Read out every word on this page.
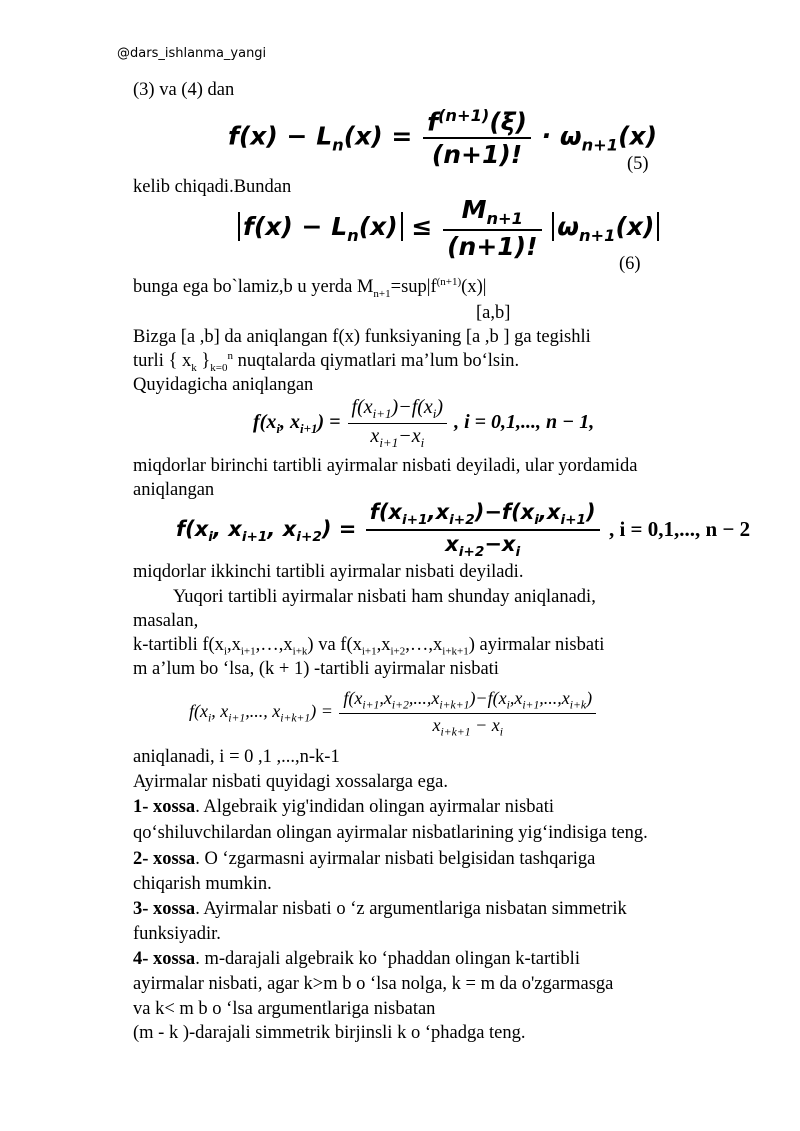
@dars_ishlanma_yangi
(3) va (4) dan
$f(x) - L_n(x) = \frac{f^{(n+1)}(\xi)}{(n+1)!} \cdot \omega_{n+1}(x)$
(5)
kelib chiqadi.Bundan
$f(x) - L_n(x) \le \frac{M_{n+1}}{(n+1)!} \omega_{n+1}(x)$
(6)
bunga ega bo`lamiz,b u yerda $M_{n+1}=sup|f^{(n+1)}(x)|$
[a,b]
Bizga [a ,b] da aniqlangan f(x) funksiyaning [a ,b ] ga tegishli
turli { $x_k$ }$_{k=0}^n$ nuqtalarda qiymatlari ma’lum bo‘lsin.
Quyidagicha aniqlangan
$f(x_i$, $x_{i+1}) = \frac{f(x_{i+1})-f(x_i)}{x_{i+1}-x_i}$ , i = 0,1,..., n − 1,
miqdorlar birinchi tartibli ayirmalar nisbati deyiladi, ular yordamida
aniqlangan
$f(x_i$, $x_{i+1}$, $x_{i+2}) = \frac{f(x_{i+1},x_{i+2})-f(x_i,x_{i+1})}{x_{i+2}-x_i}$ , i = 0,1,..., n − 2
miqdorlar ikkinchi tartibli ayirmalar nisbati deyiladi.
Yuqori tartibli ayirmalar nisbati ham shunday aniqlanadi,
masalan,
k-tartibli $f(x_i,x_{i+1},\dots,x_{i+k})$ va $f(x_{i+1},x_{i+2},\dots,x_{i+k+1})$ ayirmalar nisbati
m a’lum bo ‘lsa, (k + 1) -tartibli ayirmalar nisbati
$f(x_i$, $x_{i+1}$,..., $x_{i+k+1}) = \frac{f(x_{i+1},x_{i+2},...,x_{i+k+1})-f(x_i,x_{i+1},...,x_{i+k})}{x_{i+k+1} - x_i}$
aniqlanadi, i = 0 ,1 ,...,n-k-1
Ayirmalar nisbati quyidagi xossalarga ega.
1- xossa. Algebraik yig'indidan olingan ayirmalar nisbati
qo‘shiluvchilardan olingan ayirmalar nisbatlarining yig‘indisiga teng.
2- xossa. O ‘zgarmasni ayirmalar nisbati belgisidan tashqariga
chiqarish mumkin.
3- xossa. Ayirmalar nisbati o ‘z argumentlariga nisbatan simmetrik
funksiyadir.
4- xossa. m-darajali algebraik ko ‘phaddan olingan k-tartibli
ayirmalar nisbati, agar k>m b o ‘lsa nolga, k = m da o'zgarmasga
va k< m b o ‘lsa argumentlariga nisbatan
(m - k )-darajali simmetrik birjinsli k o ‘phadga teng.
